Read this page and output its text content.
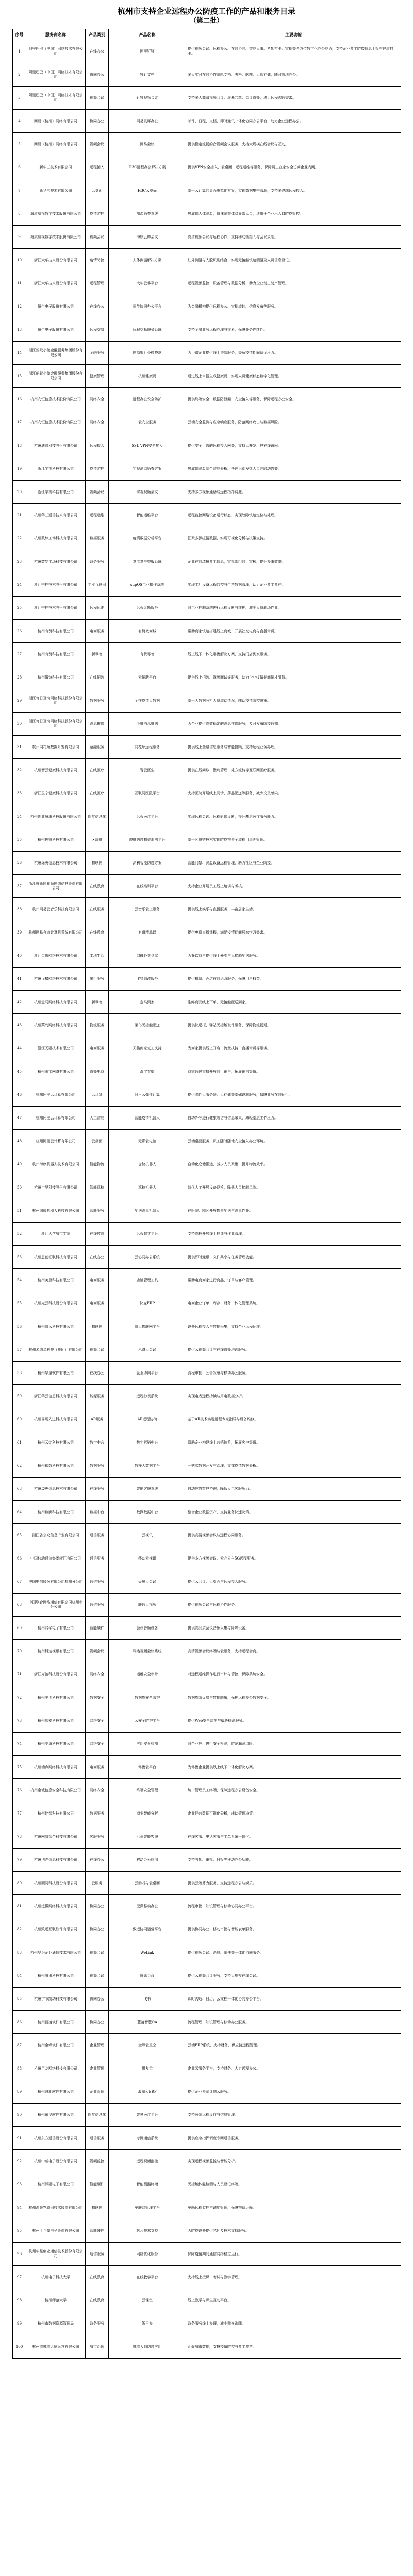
杭州市支持企业远程办公防疫工作的产品和服务目录
（第二批）
序号	服务商名称	产品类别	产品名称	主要功能
1	阿里巴巴（中国）网络技术有限公司	在线办公	阿里钉钉	提供视频会议、远程办公、在线协同、智能人事、考勤打卡、审批等全方位数字化办公能力，支持企业复工防疫信息上报与健康打卡。
2	阿里巴巴（中国）网络技术有限公司	协同办公	钉钉文档	多人实时在线协作编辑文档、表格、脑图，云端存储，随时随地办公。
3	阿里巴巴（中国）网络技术有限公司	视频会议	钉钉视频会议	支持多人高清视频会议、屏幕共享、会议直播，满足远程沟通需求。
4	网易（杭州）网络有限公司	协同办公	网易灵犀办公	邮件、日程、文档、即时通讯一体化协同办公平台，助力企业远程办公。
5	网易（杭州）网络有限公司	视频会议	网易会议	提供稳定流畅的音视频会议服务，支持大规模在线会议与互动。
6	新华三技术有限公司	远程接入	H3C远程办公解决方案	提供VPN安全接入、云桌面、远程运维等服务，保障员工在家安全访问企业内网。
7	新华三技术有限公司	云桌面	H3C云桌面	基于云计算的桌面虚拟化方案，实现数据集中管理，支持多终端远程接入。
8	海康威视数字技术股份有限公司	疫情防控	测温筛查系统	热成像人体测温，快速筛查体温异常人员，适用于企业出入口防疫管控。
9	海康威视数字技术股份有限公司	视频会议	海康云眸会议	高清视频会议与远程协作，支持移动端接入与会议录制。
10	浙江大华技术股份有限公司	疫情防控	人体测温解决方案	红外测温与人脸识别结合，实现无接触快速测温及人员信息登记。
11	浙江大华技术股份有限公司	远程管理	大华云睿平台	远程视频监控、设备管理与数据分析，助力企业复工复产管理。
12	恒生电子股份有限公司	在线办公	恒生协同办公平台	为金融机构提供远程办公、审批流转、信息发布等服务。
13	恒生电子股份有限公司	远程交易	远程交易服务系统	支持金融业务远程办理与交易，保障业务连续性。
14	浙江蚂蚁小微金融服务集团股份有限公司	金融服务	网商银行小微贷款	为小微企业提供线上贷款服务，缓解疫情期间资金压力。
15	浙江蚂蚁小微金融服务集团股份有限公司	健康管理	杭州健康码	通过线上申报生成健康码，实现人员健康状态数字化管理。
16	杭州安恒信息技术股份有限公司	网络安全	远程办公安全防护	提供终端安全、数据防泄漏、安全接入等服务，保障远程办公安全。
17	杭州安恒信息技术股份有限公司	网络安全	云安全服务	云端安全监测与应急响应服务，防范网络攻击与数据风险。
18	杭州迪普科技股份有限公司	远程接入	SSL VPN安全接入	提供安全可靠的远程接入网关，支持大并发用户在线访问。
19	浙江宇视科技有限公司	疫情防控	宇视测温筛查方案	热成像测温结合智能分析，快速识别发热人员并联动告警。
20	浙江宇视科技有限公司	视频会议	宇视视频会议	支持多方视频通话与远程指挥调度。
21	杭州华三通信技术有限公司	远程运维	智能运维平台	远程监控网络设备运行状态，实现故障快速定位与处理。
22	杭州数梦工场科技有限公司	数据服务	疫情数据分析平台	汇聚多源疫情数据，实现可视化分析与决策支持。
23	杭州数梦工场科技有限公司	政务服务	复工复产申报系统	企业在线填报复工信息，审批部门线上审核，提升办事效率。
24	浙江中控技术股份有限公司	工业互联网	supOS工业操作系统	实现工厂设备远程监控与生产数据管理，助力企业复工复产。
25	浙江中控技术股份有限公司	远程运维	远程诊断服务	对工业控制系统进行远程诊断与维护，减少人员现场作业。
26	杭州有赞科技有限公司	电商服务	有赞微商城	帮助商家快速搭建线上商城，开展社交电商与直播带货。
27	杭州有赞科技有限公司	新零售	有赞零售	线上线下一体化零售解决方案，支持门店到家服务。
28	杭州微链科技有限公司	在线招聘	云招聘平台	提供线上招聘、视频面试等服务，助力企业疫情期间招才引智。
29	浙江每日互动网络科技股份有限公司	数据服务	个推疫情大数据	基于大数据分析人员流动情况，辅助疫情防控决策。
30	浙江每日互动网络科技股份有限公司	消息推送	个推消息推送	为企业提供高效稳定的消息推送服务，及时发布防疫通知。
31	杭州同花顺数据开发有限公司	金融服务	同花顺远程服务	提供线上金融信息服务与智能投顾，支持远程业务办理。
32	杭州智云健康科技有限公司	在线医疗	智云医生	提供在线问诊、慢病管理、处方流转等互联网医疗服务。
33	浙江卫宁健康科技有限公司	在线医疗	互联网医院平台	支持医院开展线上问诊、药品配送等服务，减少交叉感染。
34	杭州创业慧康科技股份有限公司	医疗信息化	远程医疗平台	实现远程会诊、远程影像诊断，提升基层医疗服务能力。
35	杭州趣链科技有限公司	区块链	趣链防疫物资追溯平台	基于区块链技术实现防疫物资全流程可追溯管理。
36	杭州涂鸦信息技术有限公司	物联网	涂鸦智能防疫方案	智能门禁、测温设备远程管理，助力社区与企业防疫。
37	浙江核新同花顺网络信息股份有限公司	在线教育	在线培训平台	支持企业开展员工线上培训与考核。
38	杭州网易云音乐科技有限公司	在线服务	云音乐云上服务	提供线上娱乐与直播服务，丰富居家生活。
39	杭州网易有道计算机系统有限公司	在线教育	有道精品课	提供免费直播课程，满足疫情期间居家学习需求。
40	浙江口碑网络技术有限公司	本地生活	口碑外卖到家	为餐饮商户提供线上外卖与无接触配送服务。
41	杭州飞猪网络技术有限公司	出行服务	飞猪退改服务	提供机票、酒店在线退改服务，保障用户权益。
42	杭州盒马网络科技有限公司	新零售	盒马到家	生鲜商品线上下单，无接触配送到家。
43	杭州菜鸟网络科技有限公司	物流服务	菜鸟无接触配送	提供快递柜、驿站无接触取件服务，保障物流畅通。
44	浙江天猫技术有限公司	电商服务	天猫商家复工支持	为商家提供线上开店、流量扶持、直播带货等服务。
45	杭州淘宝网络有限公司	直播电商	淘宝直播	商家通过直播开展线上销售，拓展销售渠道。
46	杭州阿里云计算有限公司	云计算	阿里云弹性计算	提供弹性云服务器、云存储等基础设施服务，保障业务在线运行。
47	杭州阿里云计算有限公司	人工智能	智能疫情机器人	自动外呼进行健康随访与信息采集，减轻基层工作压力。
48	杭州阿里云计算有限公司	云桌面	无影云电脑	云端桌面服务，员工随时随地安全接入办公环境。
49	杭州海康机器人技术有限公司	智能物流	仓储机器人	自动化仓储搬运，减少人员聚集，提升物流效率。
50	杭州申昊科技股份有限公司	智能巡检	巡检机器人	替代人工开展设备巡检，降低人员接触风险。
51	杭州国辰机器人科技有限公司	智能服务	配送消毒机器人	在医院、园区开展物资配送与消毒作业。
52	浙江大学城市学院	在线教育	远程教学平台	支持高校开展线上授课与作业管理。
53	杭州思创汇联科技有限公司	在线办公	云协同办公系统	提供即时通讯、文件共享与任务管理功能。
54	杭州美登科技有限公司	电商服务	店铺管理工具	帮助电商商家进行商品、订单与客户管理。
55	杭州光云科技股份有限公司	电商服务	快麦ERP	电商企业订单、库存、财务一体化管理系统。
56	杭州映云科技有限公司	物联网	映云物联网平台	设备远程接入与数据采集，支持企业远程运维。
57	杭州米络星科技（集团）有限公司	视频会议	米络云会议	提供云视频会议与在线直播培训服务。
58	杭州华量软件有限公司	在线办公	企业协同平台	流程审批、公告发布与移动办公服务。
59	浙江华云信息科技有限公司	能源服务	远程抄表系统	实现电表远程抄读与用电数据分析。
60	杭州易现先进科技有限公司	AR服务	AR远程协助	基于AR技术实现远程专家指导与设备维修。
61	杭州云徙科技有限公司	数字中台	数字营销中台	帮助企业构建线上营销体系，拓展客户渠道。
62	杭州玳数科技有限公司	数据服务	数栈大数据平台	一站式数据开发与治理，支撑疫情数据分析。
63	杭州袋虎信息技术有限公司	在线服务	智能客服系统	自动应答客户咨询，降低人工客服压力。
64	杭州数澜科技有限公司	数据中台	数澜数据中台	整合企业数据资产，支持业务快速决策。
65	浙江省公众信息产业有限公司	通信服务	云视讯	提供高清视频会议与远程协同服务。
66	中国移动通信集团浙江有限公司	通信服务	移动云视讯	提供多方视频会议、云办公与5G远程服务。
67	中国电信股份有限公司杭州分公司	通信服务	天翼云会议	提供云会议、云桌面与远程接入服务。
68	中国联合网络通信有限公司杭州市分公司	通信服务	联通云视频	提供视频会议与远程协作服务。
69	杭州兆华电子有限公司	智能硬件	会议音频设备	提供高品质会议音频采集与降噪设备。
70	杭州科达视讯有限公司	视频会议	科达视频会议系统	高清视频会议终端与云服务，支持远程会商。
71	浙江齐治科技股份有限公司	网络安全	运维安全审计	对远程运维操作进行审计与管控，保障系统安全。
72	杭州美创科技有限公司	数据安全	数据库安全防护	数据库防火墙与数据脱敏，保护远程办公数据安全。
73	杭州默安科技有限公司	网络安全	云安全防护平台	提供Web安全防护与威胁检测服务。
74	杭州孝道科技有限公司	网络安全	应用安全检测	对企业应用进行安全检测，防范漏洞风险。
75	杭州端点网络科技有限公司	电商服务	零售云平台	为零售企业提供线上线下一体化解决方案。
76	杭州金诚信息安全科技有限公司	网络安全	终端安全管理	统一管理员工终端，保障远程办公设备安全。
77	杭州比智科技有限公司	数据服务	商业智能分析	企业经营数据可视化分析，辅助管理决策。
78	杭州网易智企科技有限公司	客服服务	七鱼智能客服	在线客服、电话客服与工单系统一体化。
79	杭州创匠信息科技有限公司	在线办公	移动办公应用	支持考勤、审批、日报等移动办公功能。
80	杭州顺网科技股份有限公司	云服务	云游戏与云桌面	提供云端算力服务，支持远程办公与娱乐。
81	杭州泛微网络科技有限公司	协同办公	泛微移动办公	流程审批、知识管理与移动协同办公平台。
82	杭州致远互联软件有限公司	协同办公	致远协同运营平台	提供协同办公、移动审批与智能表单服务。
83	杭州华为企业通信技术有限公司	视频会议	WeLink	提供视频会议、消息、邮件等一体化协同服务。
84	杭州腾讯科技有限公司	视频会议	腾讯会议	提供云视频会议服务，支持大规模在线会议。
85	杭州字节跳动科技有限公司	协同办公	飞书	即时沟通、日历、云文档一体化协同办公平台。
86	杭州蓝凌软件有限公司	协同办公	蓝凌智慧OA	流程管理、知识管理与移动办公服务。
87	杭州金蝶软件有限公司	企业管理	金蝶云星空	云端ERP系统，支持财务、供应链远程管理。
88	杭州用友网络科技有限公司	企业管理	用友云	企业云服务平台，支持财务、人力远程办公。
89	杭州浪潮软件有限公司	企业管理	浪潮云ERP	提供企业资源计划云服务。
90	杭州东华软件有限公司	医疗信息化	智慧医疗平台	支持医院远程诊疗与信息管理。
91	杭州东方通信股份有限公司	通信服务	专网通信系统	提供应急指挥调度专网通信服务。
92	杭州中威电子股份有限公司	视频监控	远程视频监控	实现远程视频监控与智能分析。
93	杭州熊猫电子有限公司	智能硬件	智能测温终端	无接触体温检测与人员登记终端。
94	杭州鸿泉物联网技术股份有限公司	物联网	车联网管理平台	车辆远程监控与调度管理，保障物资运输。
95	杭州士兰微电子股份有限公司	智能硬件	芯片技术支持	为防疫设备提供芯片及技术支持服务。
96	杭州华星创业通信技术股份有限公司	通信服务	网络优化服务	保障疫情期间通信网络稳定运行。
97	杭州电子科技大学	在线教育	在线教学平台	支持线上授课、考试与教学管理。
98	杭州师范大学	在线教育	云课堂	线上教学与师生互动平台。
99	杭州市数据资源管理局	政务服务	浙里办	政务服务线上办理，减少群众跑腿。
100	杭州市城市大脑运营有限公司	城市治理	城市大脑防疫应用	汇聚城市数据，支撑疫情防控与复工复产。
